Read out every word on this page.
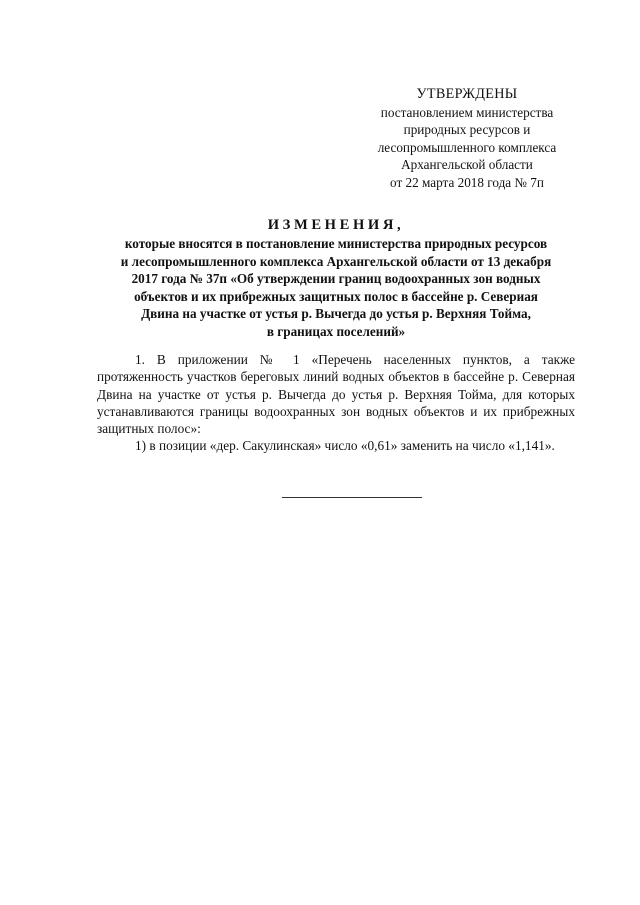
УТВЕРЖДЕНЫ
постановлением министерства
природных ресурсов и
лесопромышленного комплекса
Архангельской области
от 22 марта 2018 года № 7п
ИЗМЕНЕНИЯ,
которые вносятся в постановление министерства природных ресурсов
и лесопромышленного комплекса Архангельской области от 13 декабря
2017 года № 37п «Об утверждении границ водоохранных зон водных
объектов и их прибрежных защитных полос в бассейне р. Севериая
Двина на участке от устья р. Вычегда до устья р. Верхняя Тойма,
в границах поселений»

1. В приложении № 1 «Перечень населенных пунктов, а также протяженность участков береговых линий водных объектов в бассейне р. Северная Двина на участке от устья р. Вычегда до устья р. Верхняя Тойма, для которых устанавливаются границы водоохранных зон водных объектов и их прибрежных защитных полос»:

1) в позиции «дер. Сакулинская» число «0,61» заменить на число «1,141».
